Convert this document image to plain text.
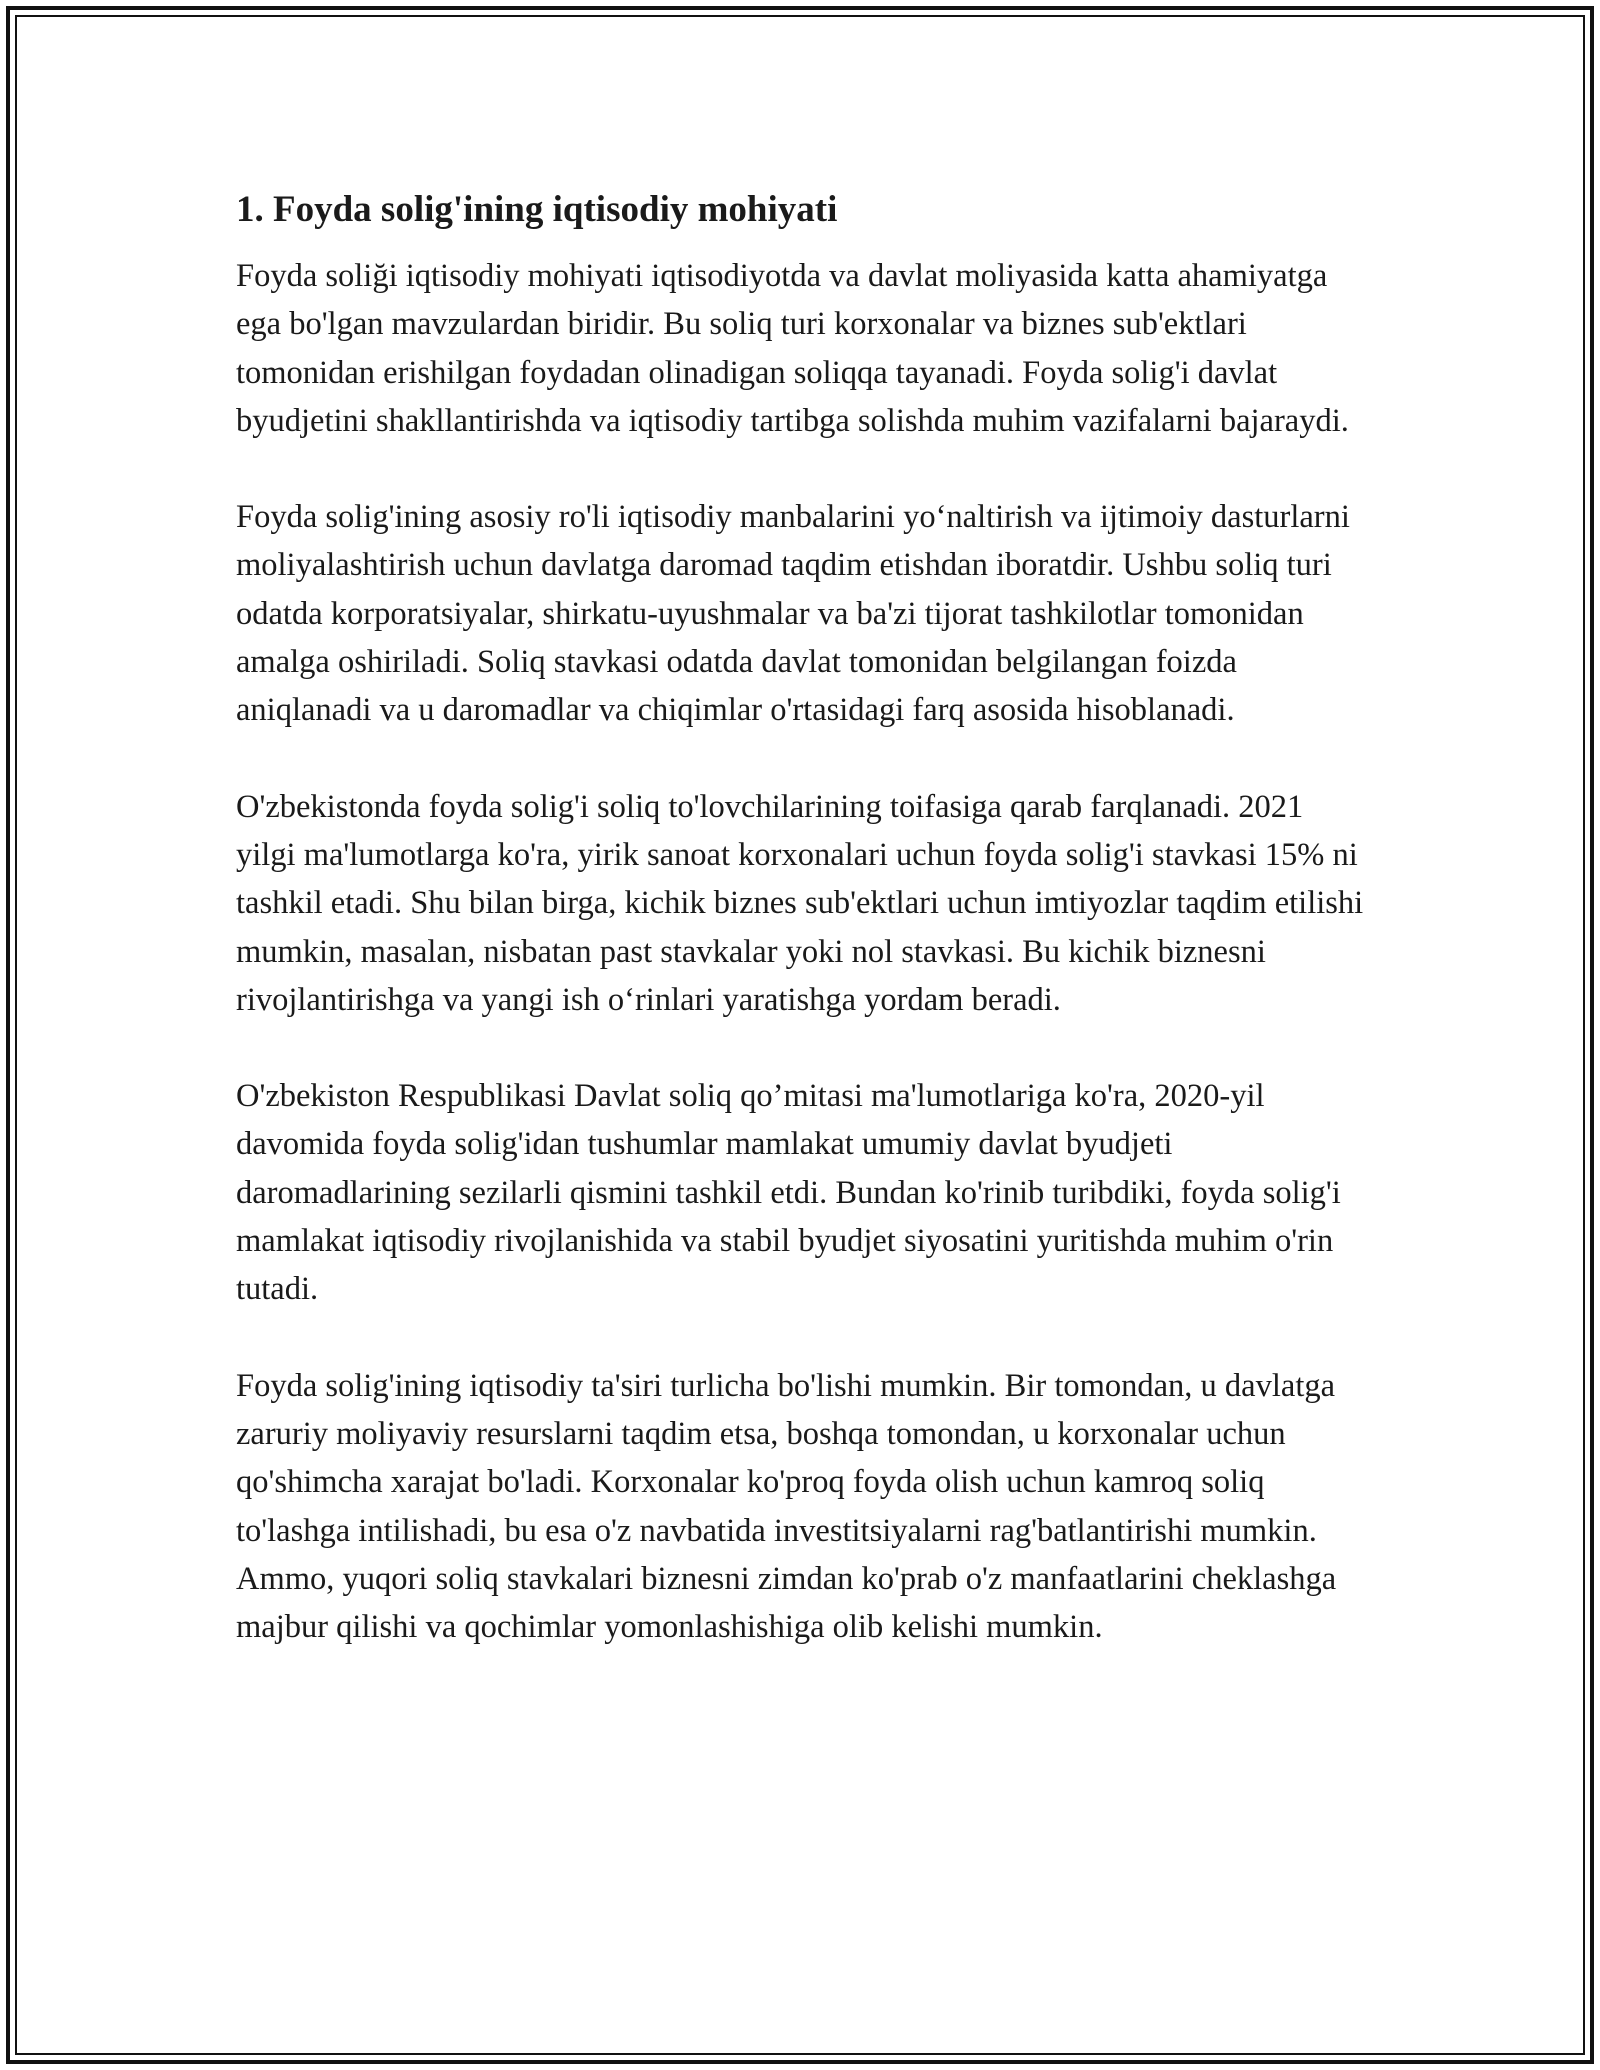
1. Foyda solig'ining iqtisodiy mohiyati

Foyda soliği iqtisodiy mohiyati iqtisodiyotda va davlat moliyasida katta ahamiyatga ega bo'lgan mavzulardan biridir. Bu soliq turi korxonalar va biznes sub'ektlari tomonidan erishilgan foydadan olinadigan soliqqa tayanadi. Foyda solig'i davlat byudjetini shakllantirishda va iqtisodiy tartibga solishda muhim vazifalarni bajaraydi.

Foyda solig'ining asosiy ro'li iqtisodiy manbalarini yo‘naltirish va ijtimoiy dasturlarni moliyalashtirish uchun davlatga daromad taqdim etishdan iboratdir. Ushbu soliq turi odatda korporatsiyalar, shirkatu-uyushmalar va ba'zi tijorat tashkilotlar tomonidan amalga oshiriladi. Soliq stavkasi odatda davlat tomonidan belgilangan foizda aniqlanadi va u daromadlar va chiqimlar o'rtasidagi farq asosida hisoblanadi.

O'zbekistonda foyda solig'i soliq to'lovchilarining toifasiga qarab farqlanadi. 2021 yilgi ma'lumotlarga ko'ra, yirik sanoat korxonalari uchun foyda solig'i stavkasi 15% ni tashkil etadi. Shu bilan birga, kichik biznes sub'ektlari uchun imtiyozlar taqdim etilishi mumkin, masalan, nisbatan past stavkalar yoki nol stavkasi. Bu kichik biznesni rivojlantirishga va yangi ish o‘rinlari yaratishga yordam beradi.

O'zbekiston Respublikasi Davlat soliq qo’mitasi ma'lumotlariga ko'ra, 2020-yil davomida foyda solig'idan tushumlar mamlakat umumiy davlat byudjeti daromadlarining sezilarli qismini tashkil etdi. Bundan ko'rinib turibdiki, foyda solig'i mamlakat iqtisodiy rivojlanishida va stabil byudjet siyosatini yuritishda muhim o'rin tutadi.

Foyda solig'ining iqtisodiy ta'siri turlicha bo'lishi mumkin. Bir tomondan, u davlatga zaruriy moliyaviy resurslarni taqdim etsa, boshqa tomondan, u korxonalar uchun qo'shimcha xarajat bo'ladi. Korxonalar ko'proq foyda olish uchun kamroq soliq to'lashga intilishadi, bu esa o'z navbatida investitsiyalarni rag'batlantirishi mumkin. Ammo, yuqori soliq stavkalari biznesni zimdan ko'prab o'z manfaatlarini cheklashga majbur qilishi va qochimlar yomonlashishiga olib kelishi mumkin.
